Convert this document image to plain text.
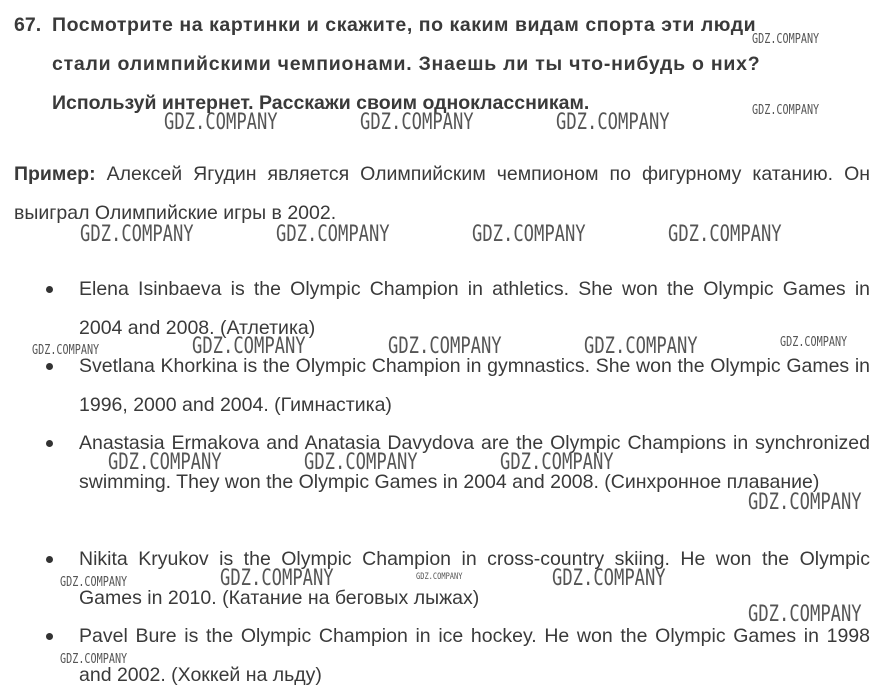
67. Посмотрите на картинки и скажите, по каким видам спорта эти люди
стали олимпийскими чемпионами. Знаешь ли ты что-нибудь о них?
Используй интернет. Расскажи своим одноклассникам.
Пример: Алексей Ягудин является Олимпийским чемпионом по фигурному катанию. Он выиграл Олимпийские игры в 2002.
Elena Isinbaeva is the Olympic Champion in athletics. She won the Olympic Games in 2004 and 2008. (Атлетика)
Svetlana Khorkina is the Olympic Champion in gymnastics. She won the Olympic Games in 1996, 2000 and 2004. (Гимнастика)
Anastasia Ermakova and Anatasia Davydova are the Olympic Champions in synchronized swimming. They won the Olympic Games in 2004 and 2008. (Синхронное плавание)
Nikita Kryukov is the Olympic Champion in cross-country skiing. He won the Olympic Games in 2010. (Катание на беговых лыжах)
Pavel Bure is the Olympic Champion in ice hockey. He won the Olympic Games in 1998 and 2002. (Хоккей на льду)
GDZ.COMPANY
GDZ.COMPANY
GDZ.COMPANY	GDZ.COMPANY	GDZ.COMPANY
GDZ.COMPANY	GDZ.COMPANY	GDZ.COMPANY	GDZ.COMPANY
GDZ.COMPANY	GDZ.COMPANY	GDZ.COMPANY	GDZ.COMPANY	GDZ.COMPANY
GDZ.COMPANY	GDZ.COMPANY	GDZ.COMPANY
GDZ.COMPANY
GDZ.COMPANY	GDZ.COMPANY	GDZ.COMPANY	GDZ.COMPANY
GDZ.COMPANY
GDZ.COMPANY
